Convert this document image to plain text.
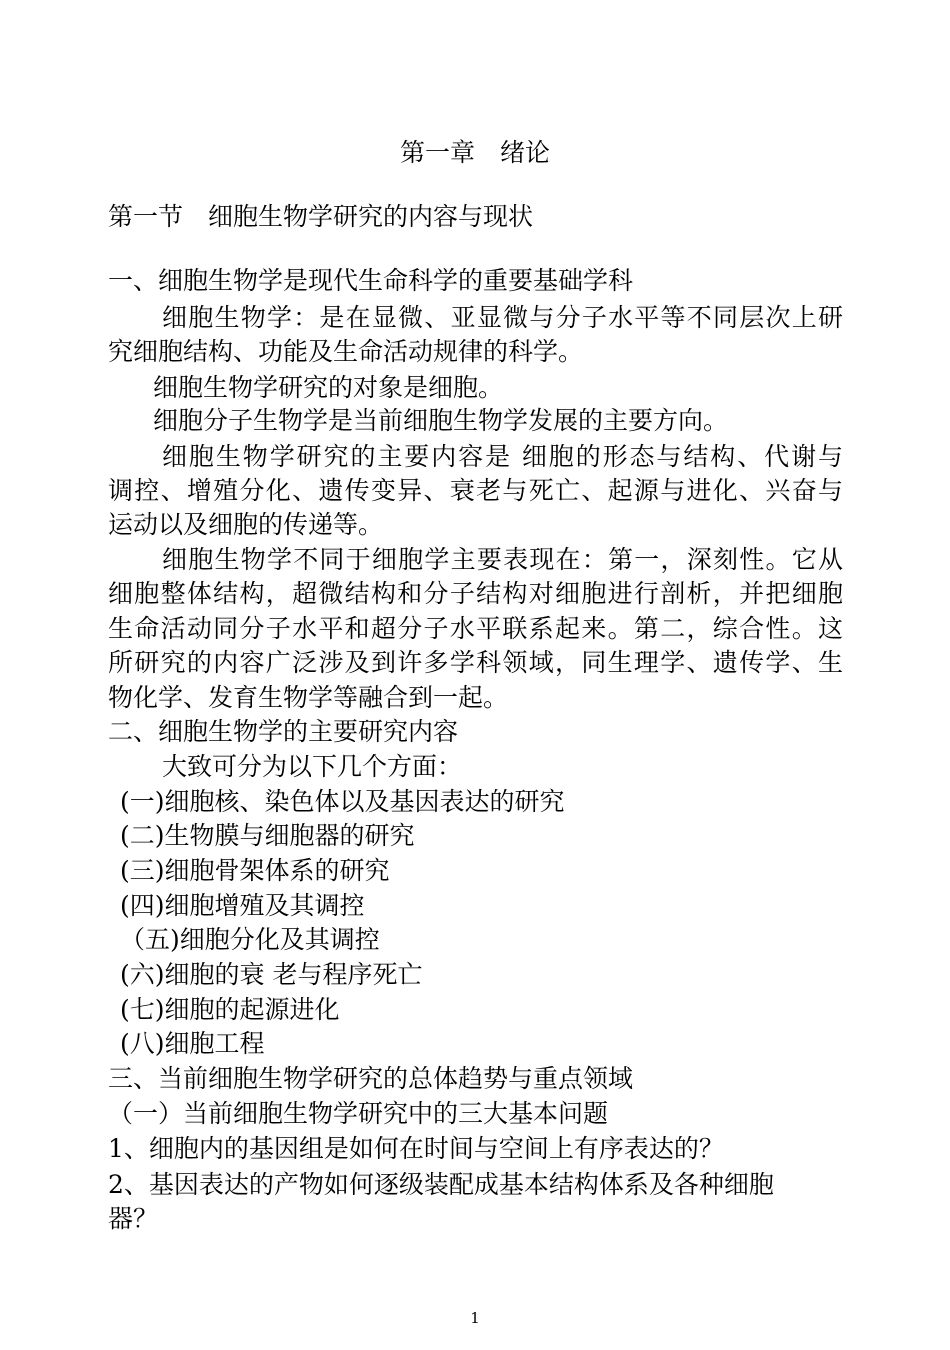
第一章　绪论
第一节　细胞生物学研究的内容与现状
一、细胞生物学是现代生命科学的重要基础学科
细胞生物学：是在显微、亚显微与分子水平等不同层次上研
究细胞结构、功能及生命活动规律的科学。
细胞生物学研究的对象是细胞。
细胞分子生物学是当前细胞生物学发展的主要方向。
细胞生物学研究的主要内容是 细胞的形态与结构、代谢与
调控、增殖分化、遗传变异、衰老与死亡、起源与进化、兴奋与
运动以及细胞的传递等。
细胞生物学不同于细胞学主要表现在：第一，深刻性。它从
细胞整体结构，超微结构和分子结构对细胞进行剖析，并把细胞
生命活动同分子水平和超分子水平联系起来。第二，综合性。这
所研究的内容广泛涉及到许多学科领域，同生理学、遗传学、生
物化学、发育生物学等融合到一起。
二、细胞生物学的主要研究内容
大致可分为以下几个方面：
(一)细胞核、染色体以及基因表达的研究
(二)生物膜与细胞器的研究
(三)细胞骨架体系的研究
(四)细胞增殖及其调控
（五)细胞分化及其调控
(六)细胞的衰 老与程序死亡
(七)细胞的起源进化
(八)细胞工程
三、当前细胞生物学研究的总体趋势与重点领域
（一）当前细胞生物学研究中的三大基本问题
1、细胞内的基因组是如何在时间与空间上有序表达的？
2、基因表达的产物如何逐级装配成基本结构体系及各种细胞
器？
1
